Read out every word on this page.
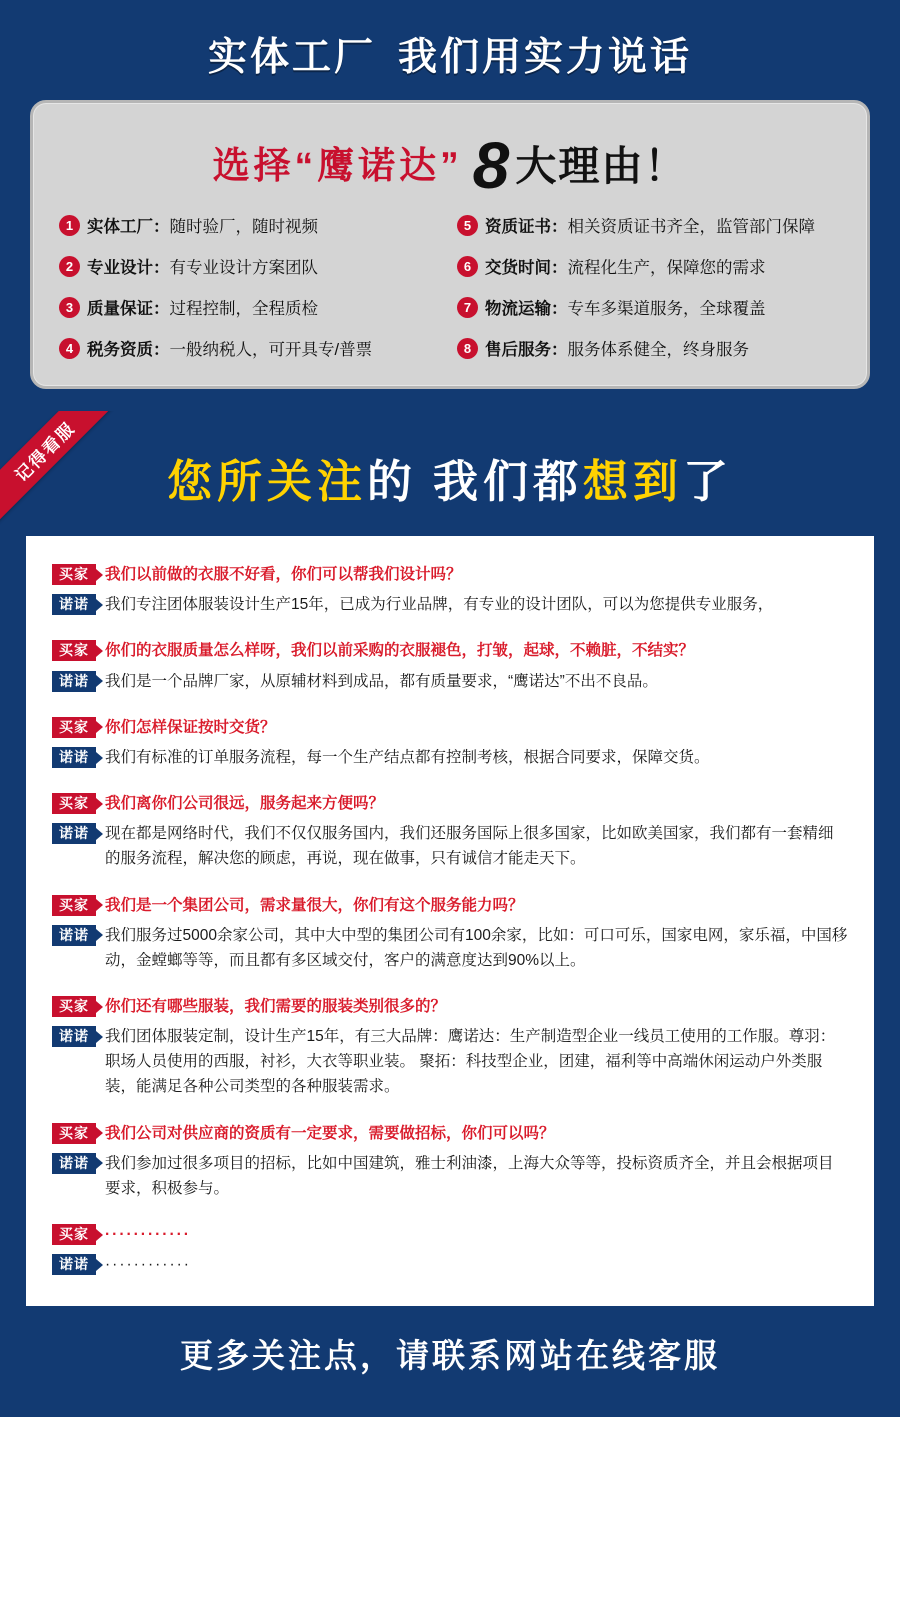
实体工厂 我们用实力说话
选择“鹰诺达” 8 大理由！
1 实体工厂：随时验厂，随时视频	5 资质证书：相关资质证书齐全，监管部门保障
2 专业设计：有专业设计方案团队	6 交货时间：流程化生产，保障您的需求
3 质量保证：过程控制，全程质检	7 物流运输：专车多渠道服务，全球覆盖
4 税务资质：一般纳税人，可开具专/普票	8 售后服务：服务体系健全，终身服务
记得看服	您所关注的 我们都想到了
买家	我们以前做的衣服不好看，你们可以帮我们设计吗？
诺诺	我们专注团体服装设计生产15年，已成为行业品牌，有专业的设计团队，可以为您提供专业服务，
买家	你们的衣服质量怎么样呀，我们以前采购的衣服褪色，打皱，起球，不赖脏，不结实？
诺诺	我们是一个品牌厂家，从原辅材料到成品，都有质量要求，“鹰诺达”不出不良品。
买家	你们怎样保证按时交货？
诺诺	我们有标准的订单服务流程，每一个生产结点都有控制考核，根据合同要求，保障交货。
买家	我们离你们公司很远，服务起来方便吗？
诺诺	现在都是网络时代，我们不仅仅服务国内，我们还服务国际上很多国家，比如欧美国家，我们都有一套精细的服务流程，解决您的顾虑，再说，现在做事，只有诚信才能走天下。
买家	我们是一个集团公司，需求量很大，你们有这个服务能力吗？
诺诺	我们服务过5000余家公司，其中大中型的集团公司有100余家，比如：可口可乐，国家电网，家乐福，中国移动，金螳螂等等，而且都有多区域交付，客户的满意度达到90%以上。
买家	你们还有哪些服装，我们需要的服装类别很多的？
诺诺	我们团体服装定制，设计生产15年，有三大品牌：鹰诺达：生产制造型企业一线员工使用的工作服。尊羽：职场人员使用的西服，衬衫，大衣等职业装。 聚拓：科技型企业，团建，福利等中高端休闲运动户外类服装，能满足各种公司类型的各种服装需求。
买家	我们公司对供应商的资质有一定要求，需要做招标，你们可以吗？
诺诺	我们参加过很多项目的招标，比如中国建筑，雅士利油漆，上海大众等等，投标资质齐全，并且会根据项目要求，积极参与。
买家	············
诺诺	············
更多关注点，请联系网站在线客服
